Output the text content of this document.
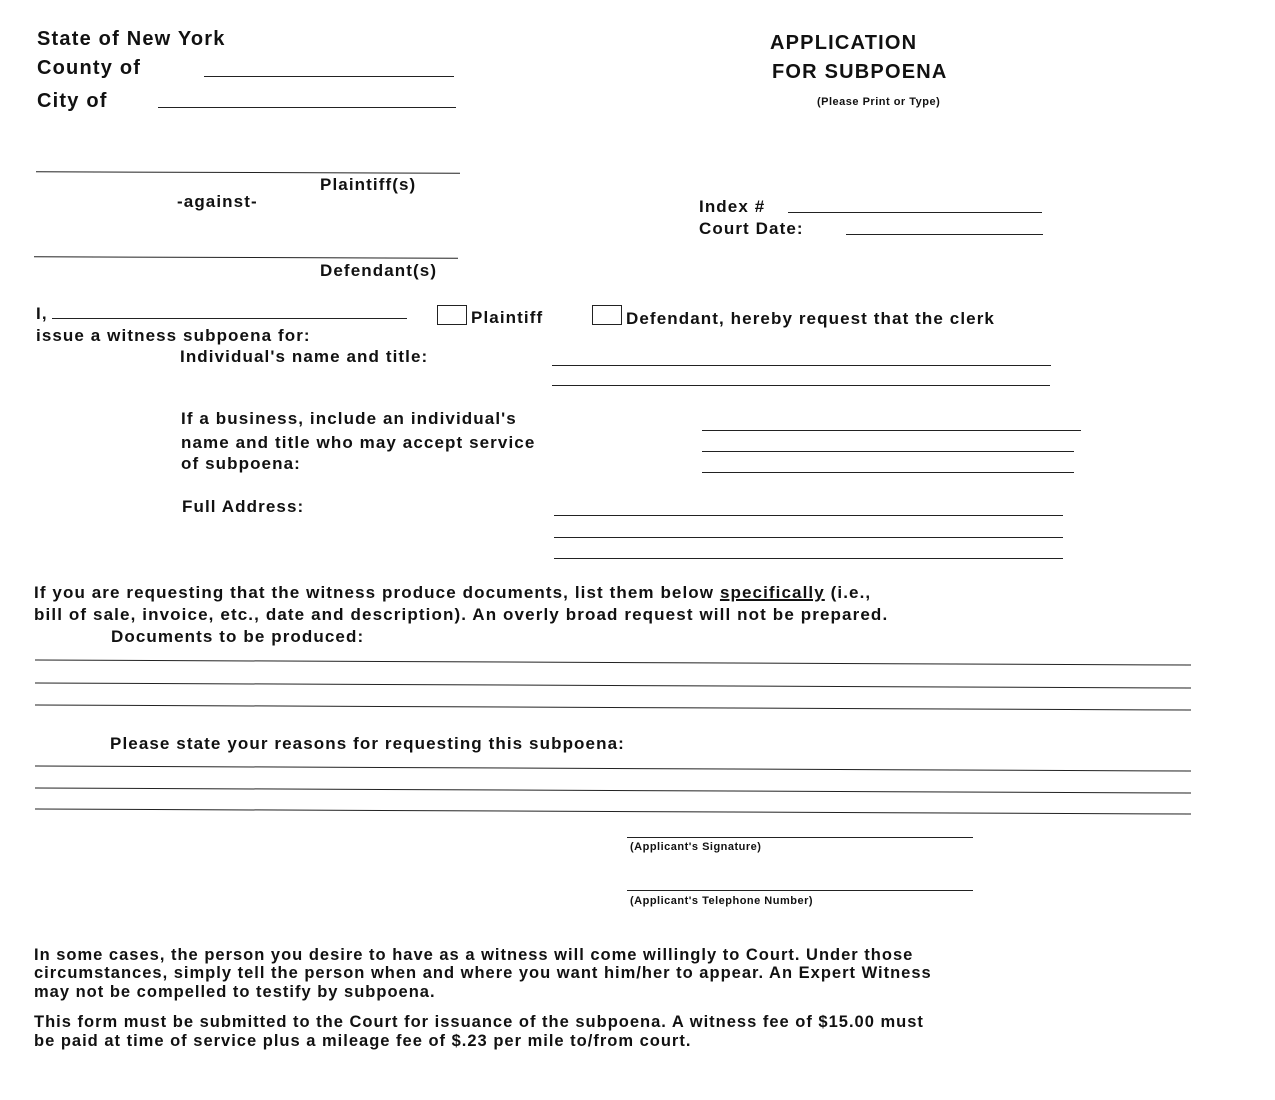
State of New York
County of
City of
APPLICATION
FOR SUBPOENA
(Please Print or Type)
Plaintiff(s)
-against-
Defendant(s)
Index #
Court Date:
I,	Plaintiff	Defendant, hereby request that the clerk
issue a witness subpoena for:
Individual's name and title:
If a business, include an individual's
name and title who may accept service
of subpoena:
Full Address:
If you are requesting that the witness produce documents, list them below specifically (i.e.,
bill of sale, invoice, etc., date and description). An overly broad request will not be prepared.
Documents to be produced:
Please state your reasons for requesting this subpoena:
(Applicant's Signature)
(Applicant's Telephone Number)
In some cases, the person you desire to have as a witness will come willingly to Court. Under those
circumstances, simply tell the person when and where you want him/her to appear. An Expert Witness
may not be compelled to testify by subpoena.
This form must be submitted to the Court for issuance of the subpoena. A witness fee of $15.00 must
be paid at time of service plus a mileage fee of $.23 per mile to/from court.
